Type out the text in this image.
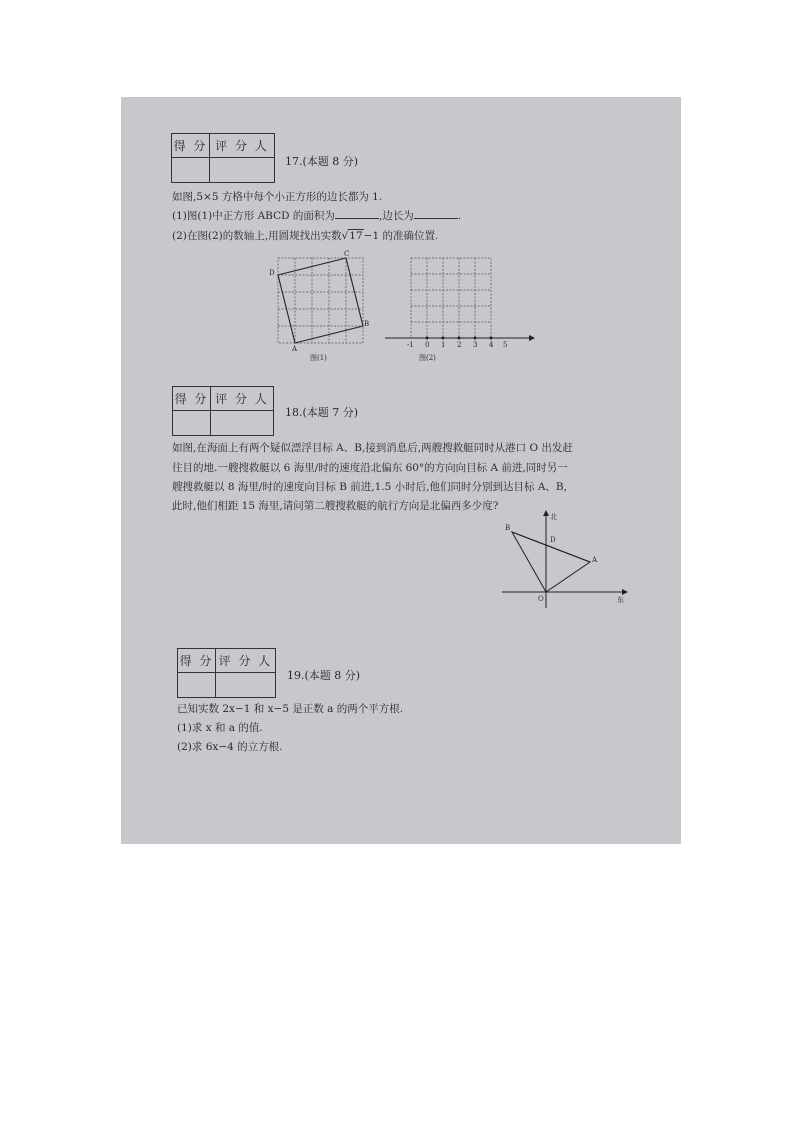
得 分 评 分 人
17.(本题 8 分)
如图,5×5 方格中每个小正方形的边长都为 1.
(1)图(1)中正方形 ABCD 的面积为	,边长为	.
(2)在图(2)的数轴上,用圆规找出实数√17−1 的准确位置.
A
B
C
D
图(1)
-1 0 1 2 3 4 5
图(2)
得 分 评 分 人
18.(本题 7 分)
如图,在海面上有两个疑似漂浮目标 A、B,接到消息后,两艘搜救艇同时从港口 O 出发赶
往目的地.一艘搜救艇以 6 海里/时的速度沿北偏东 60°的方向向目标 A 前进,同时另一
艘搜救艇以 8 海里/时的速度向目标 B 前进,1.5 小时后,他们同时分别到达目标 A、B,
此时,他们相距 15 海里,请问第二艘搜救艇的航行方向是北偏西多少度?
北
东
B
D
A
O
得 分 评 分 人
19.(本题 8 分)
已知实数 2x−1 和 x−5 是正数 a 的两个平方根.
(1)求 x 和 a 的值.
(2)求 6x−4 的立方根.
